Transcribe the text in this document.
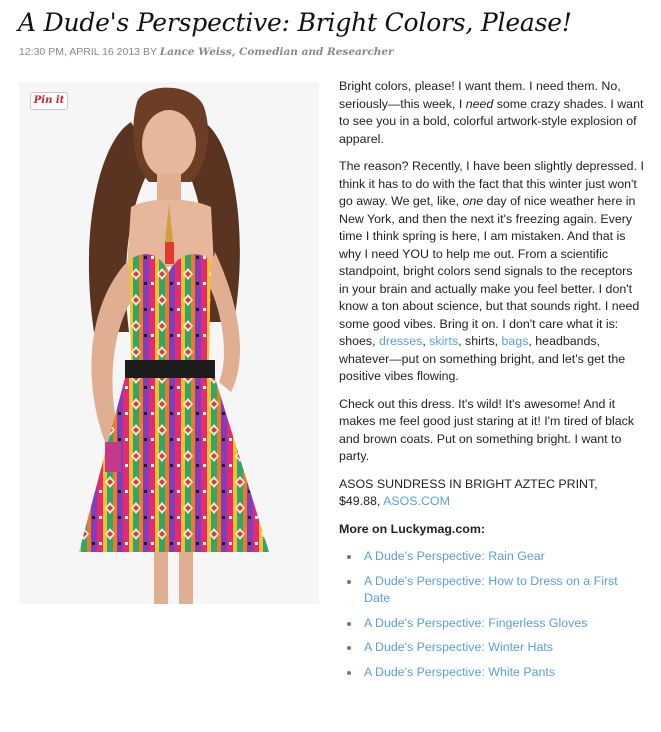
A Dude's Perspective: Bright Colors, Please!
12:30 PM, APRIL 16 2013 BY Lance Weiss, Comedian and Researcher
Pin it

Bright colors, please! I want them. I need them. No, seriously—this week, I need some crazy shades. I want to see you in a bold, colorful artwork-style explosion of apparel.

The reason? Recently, I have been slightly depressed. I think it has to do with the fact that this winter just won't go away. We get, like, one day of nice weather here in New York, and then the next it's freezing again. Every time I think spring is here, I am mistaken. And that is why I need YOU to help me out. From a scientific standpoint, bright colors send signals to the receptors in your brain and actually make you feel better. I don't know a ton about science, but that sounds right. I need some good vibes. Bring it on. I don't care what it is: shoes, dresses, skirts, shirts, bags, headbands, whatever—put on something bright, and let's get the positive vibes flowing.

Check out this dress. It's wild! It's awesome! And it makes me feel good just staring at it! I'm tired of black and brown coats. Put on something bright. I want to party.

ASOS SUNDRESS IN BRIGHT AZTEC PRINT,
$49.88, ASOS.COM

More on Luckymag.com:
A Dude's Perspective: Rain Gear
A Dude's Perspective: How to Dress on a First Date
A Dude's Perspective: Fingerless Gloves
A Dude's Perspective: Winter Hats
A Dude's Perspective: White Pants
